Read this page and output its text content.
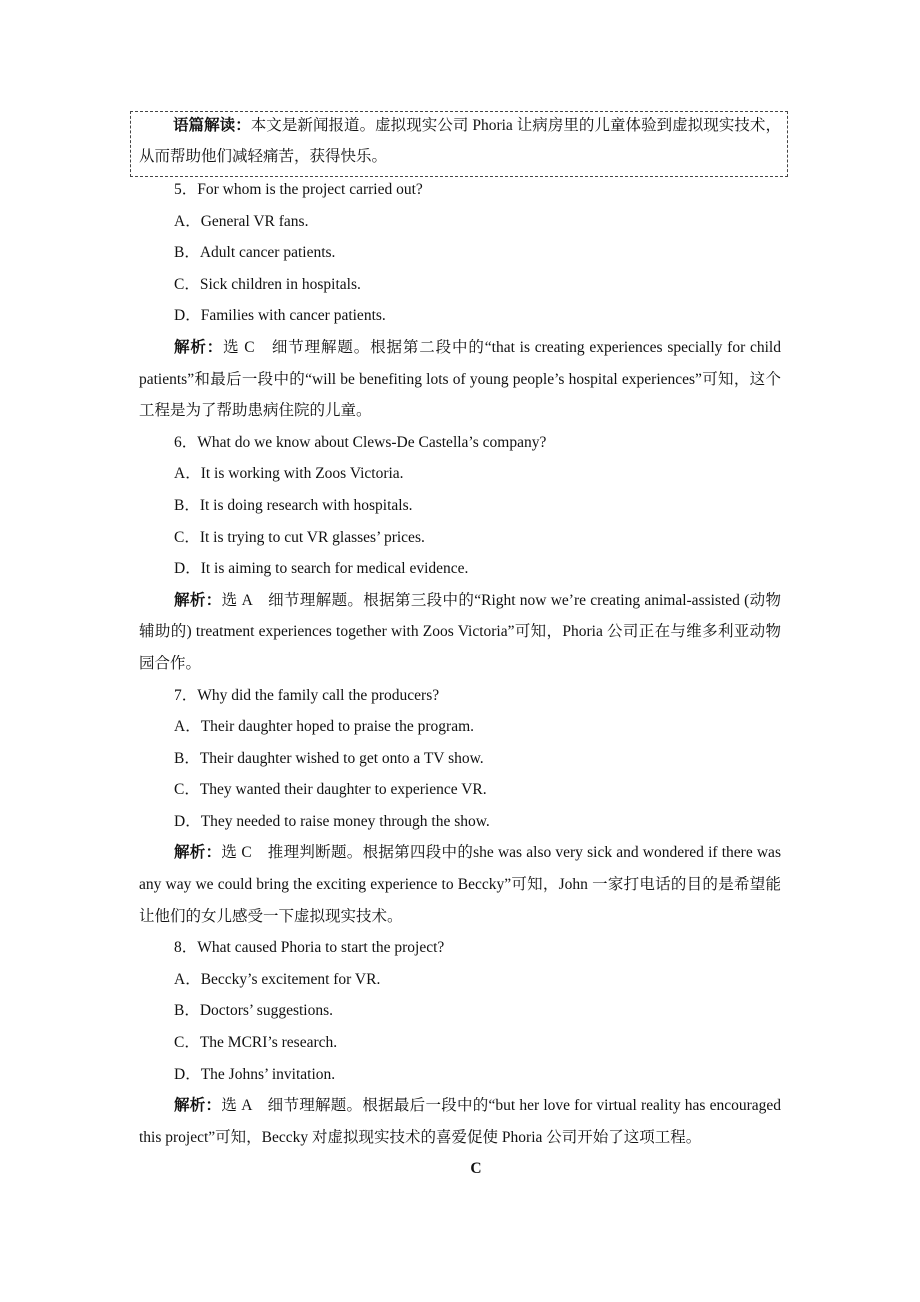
语篇解读：本文是新闻报道。虚拟现实公司 Phoria 让病房里的儿童体验到虚拟现实技术，从而帮助他们减轻痛苦，获得快乐。

5．For whom is the project carried out?

A．General VR fans.

B．Adult cancer patients.

C．Sick children in hospitals.

D．Families with cancer patients.

解析：选 C　细节理解题。根据第二段中的“that is creating experiences specially for child patients”和最后一段中的“will be benefiting lots of young people’s hospital experiences”可知，这个工程是为了帮助患病住院的儿童。

6．What do we know about Clews-De Castella’s company?

A．It is working with Zoos Victoria.

B．It is doing research with hospitals.

C．It is trying to cut VR glasses’ prices.

D．It is aiming to search for medical evidence.

解析：选 A　细节理解题。根据第三段中的“Right now we’re creating animal-assisted (动物辅助的) treatment experiences together with Zoos Victoria”可知，Phoria 公司正在与维多利亚动物园合作。

7．Why did the family call the producers?

A．Their daughter hoped to praise the program.

B．Their daughter wished to get onto a TV show.

C．They wanted their daughter to experience VR.

D．They needed to raise money through the show.

解析：选 C　推理判断题。根据第四段中的she was also very sick and wondered if there was any way we could bring the exciting experience to Beccky”可知，John 一家打电话的目的是希望能让他们的女儿感受一下虚拟现实技术。

8．What caused Phoria to start the project?

A．Beccky’s excitement for VR.

B．Doctors’ suggestions.

C．The MCRI’s research.

D．The Johns’ invitation.

解析：选 A　细节理解题。根据最后一段中的“but her love for virtual reality has encouraged this project”可知，Beccky 对虚拟现实技术的喜爱促使 Phoria 公司开始了这项工程。

C
